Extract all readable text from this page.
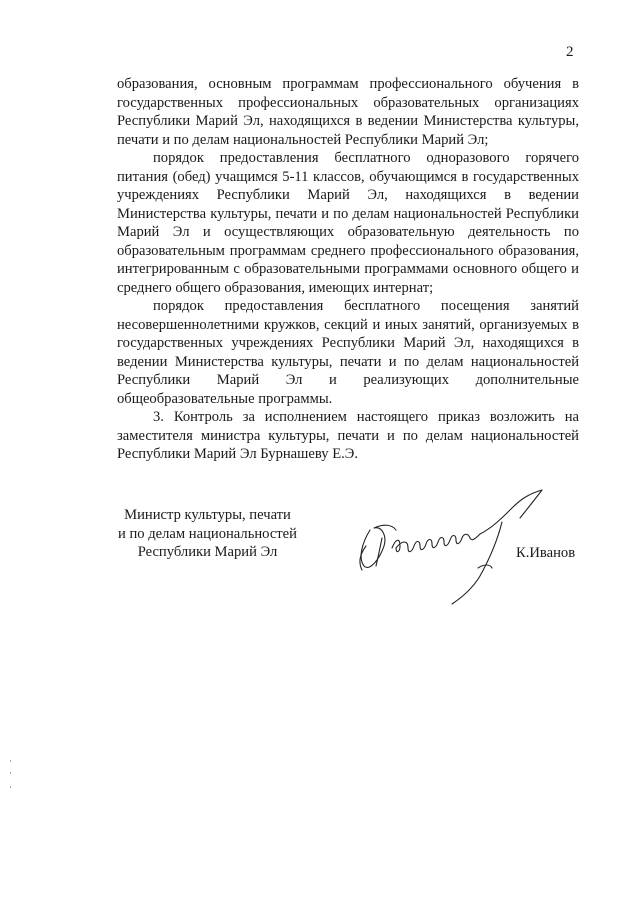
2

образования, основным программам профессионального обучения в государственных профессиональных образовательных организациях Республики Марий Эл, находящихся в ведении Министерства культуры, печати и по делам национальностей Республики Марий Эл;

порядок предоставления бесплатного одноразового горячего питания (обед) учащимся 5-11 классов, обучающимся в государственных учреждениях Республики Марий Эл, находящихся в ведении Министерства культуры, печати и по делам национальностей Республики Марий Эл и осуществляющих образовательную деятельность по образовательным программам среднего профессионального образования, интегрированным с образовательными программами основного общего и среднего общего образования, имеющих интернат;

порядок предоставления бесплатного посещения занятий несовершеннолетними кружков, секций и иных занятий, организуемых в государственных учреждениях Республики Марий Эл, находящихся в ведении Министерства культуры, печати и по делам национальностей Республики Марий Эл и реализующих дополнительные общеобразовательные программы.

3. Контроль за исполнением настоящего приказ возложить на заместителя министра культуры, печати и по делам национальностей Республики Марий Эл Бурнашеву Е.Э.

Министр культуры, печати
и по делам национальностей
Республики Марий Эл	К.Иванов
